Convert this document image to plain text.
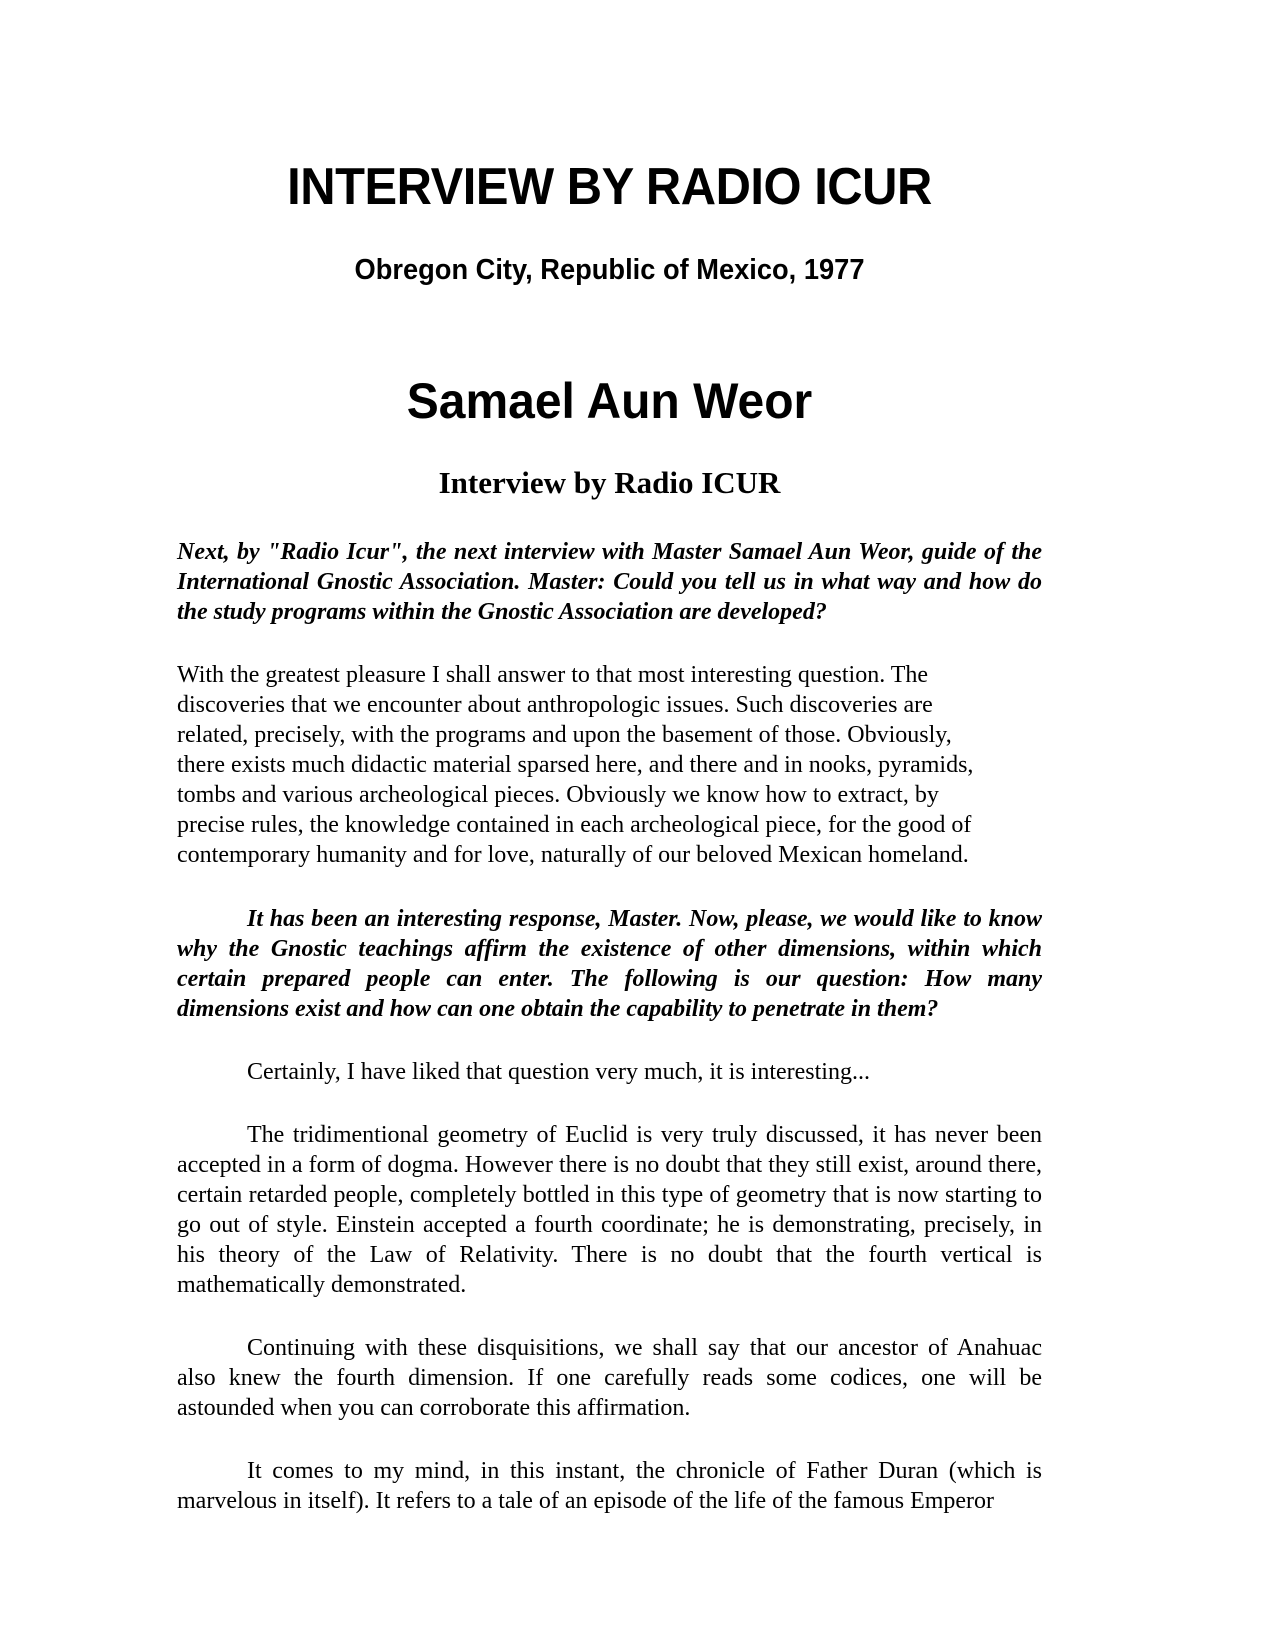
INTERVIEW BY RADIO ICUR
Obregon City, Republic of Mexico, 1977
Samael Aun Weor
Interview by Radio ICUR

Next, by "Radio Icur", the next interview with Master Samael Aun Weor, guide of the International Gnostic Association. Master: Could you tell us in what way and how do the study programs within the Gnostic Association are developed?

With the greatest pleasure I shall answer to that most interesting question. The discoveries that we encounter about anthropologic issues. Such discoveries are related, precisely, with the programs and upon the basement of those. Obviously, there exists much didactic material sparsed here, and there and in nooks, pyramids, tombs and various archeological pieces. Obviously we know how to extract, by precise rules, the knowledge contained in each archeological piece, for the good of contemporary humanity and for love, naturally of our beloved Mexican homeland.

It has been an interesting response, Master. Now, please, we would like to know why the Gnostic teachings affirm the existence of other dimensions, within which certain prepared people can enter. The following is our question: How many dimensions exist and how can one obtain the capability to penetrate in them?

Certainly, I have liked that question very much, it is interesting...

The tridimentional geometry of Euclid is very truly discussed, it has never been accepted in a form of dogma. However there is no doubt that they still exist, around there, certain retarded people, completely bottled in this type of geometry that is now starting to go out of style. Einstein accepted a fourth coordinate; he is demonstrating, precisely, in his theory of the Law of Relativity. There is no doubt that the fourth vertical is mathematically demonstrated.

Continuing with these disquisitions, we shall say that our ancestor of Anahuac also knew the fourth dimension. If one carefully reads some codices, one will be astounded when you can corroborate this affirmation.

It comes to my mind, in this instant, the chronicle of Father Duran (which is marvelous in itself). It refers to a tale of an episode of the life of the famous Emperor
